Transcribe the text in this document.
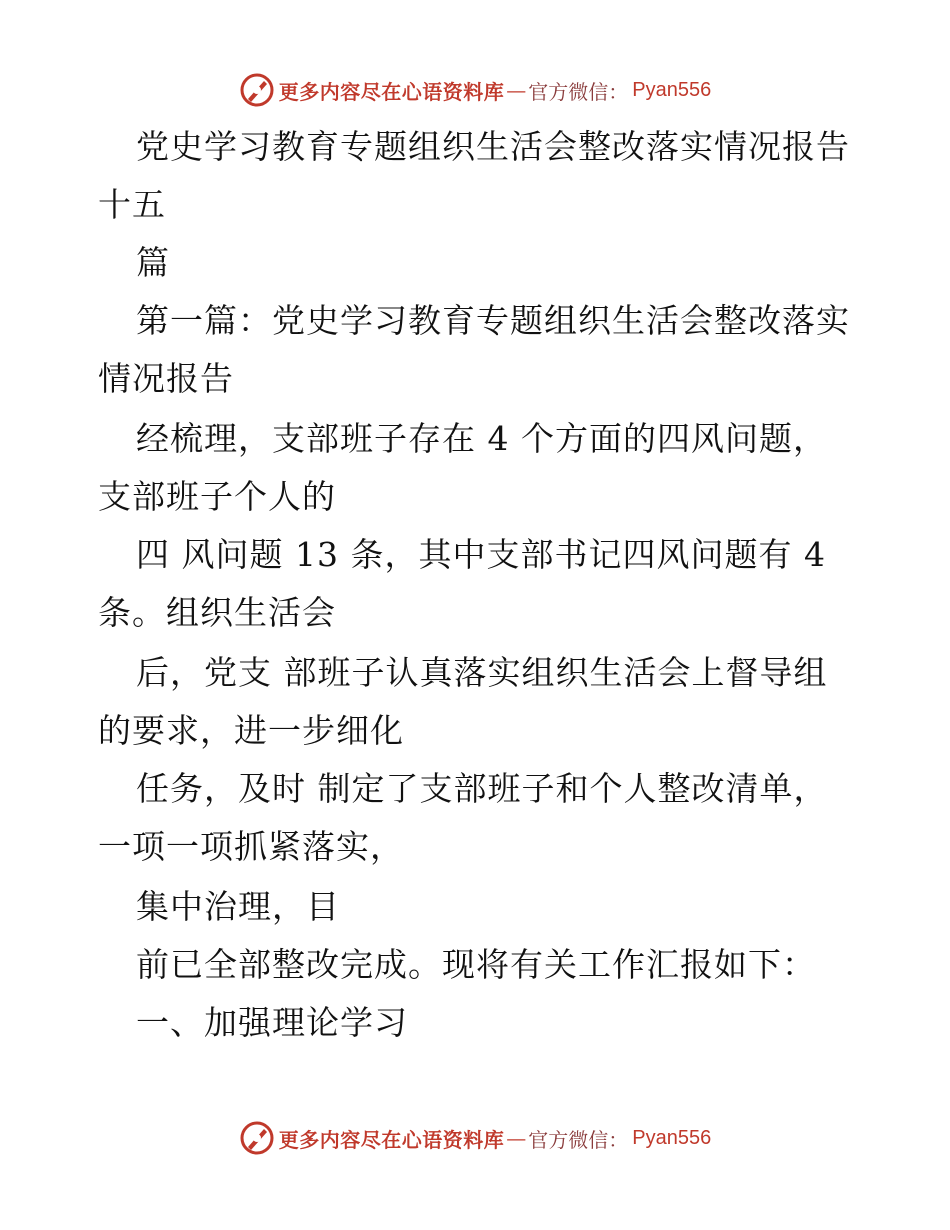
更多内容尽在心语资料库 — 官方微信： Pyan556
党史学习教育专题组织生活会整改落实情况报告
十五
篇
第一篇：党史学习教育专题组织生活会整改落实
情况报告
经梳理，支部班子存在 4 个方面的四风问题，
支部班子个人的
四 风问题 13 条，其中支部书记四风问题有 4
条。组织生活会
后，党支 部班子认真落实组织生活会上督导组
的要求，进一步细化
任务，及时 制定了支部班子和个人整改清单，
一项一项抓紧落实，
集中治理，目
前已全部整改完成。现将有关工作汇报如下：
一、加强理论学习
更多内容尽在心语资料库 — 官方微信： Pyan556
